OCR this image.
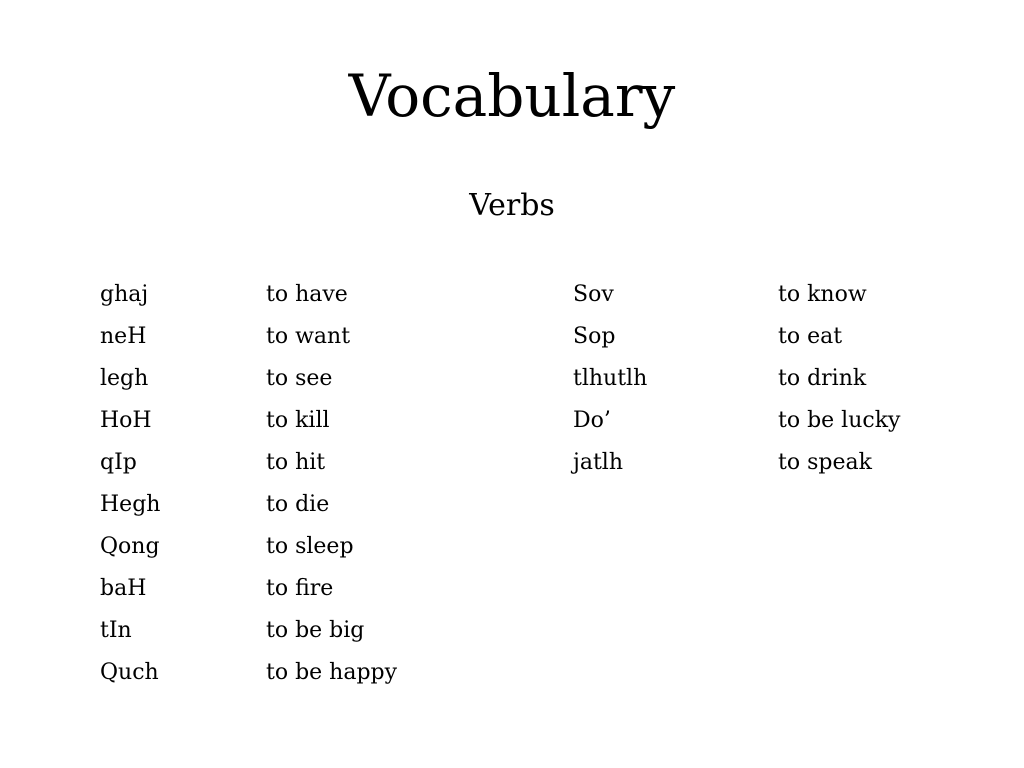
Vocabulary
Verbs
ghaj
neH
legh
HoH
qIp
Hegh
Qong
baH
tIn
Quch
to have
to want
to see
to kill
to hit
to die
to sleep
to fire
to be big
to be happy
Sov
Sop
tlhutlh
Do’
jatlh
to know
to eat
to drink
to be lucky
to speak
